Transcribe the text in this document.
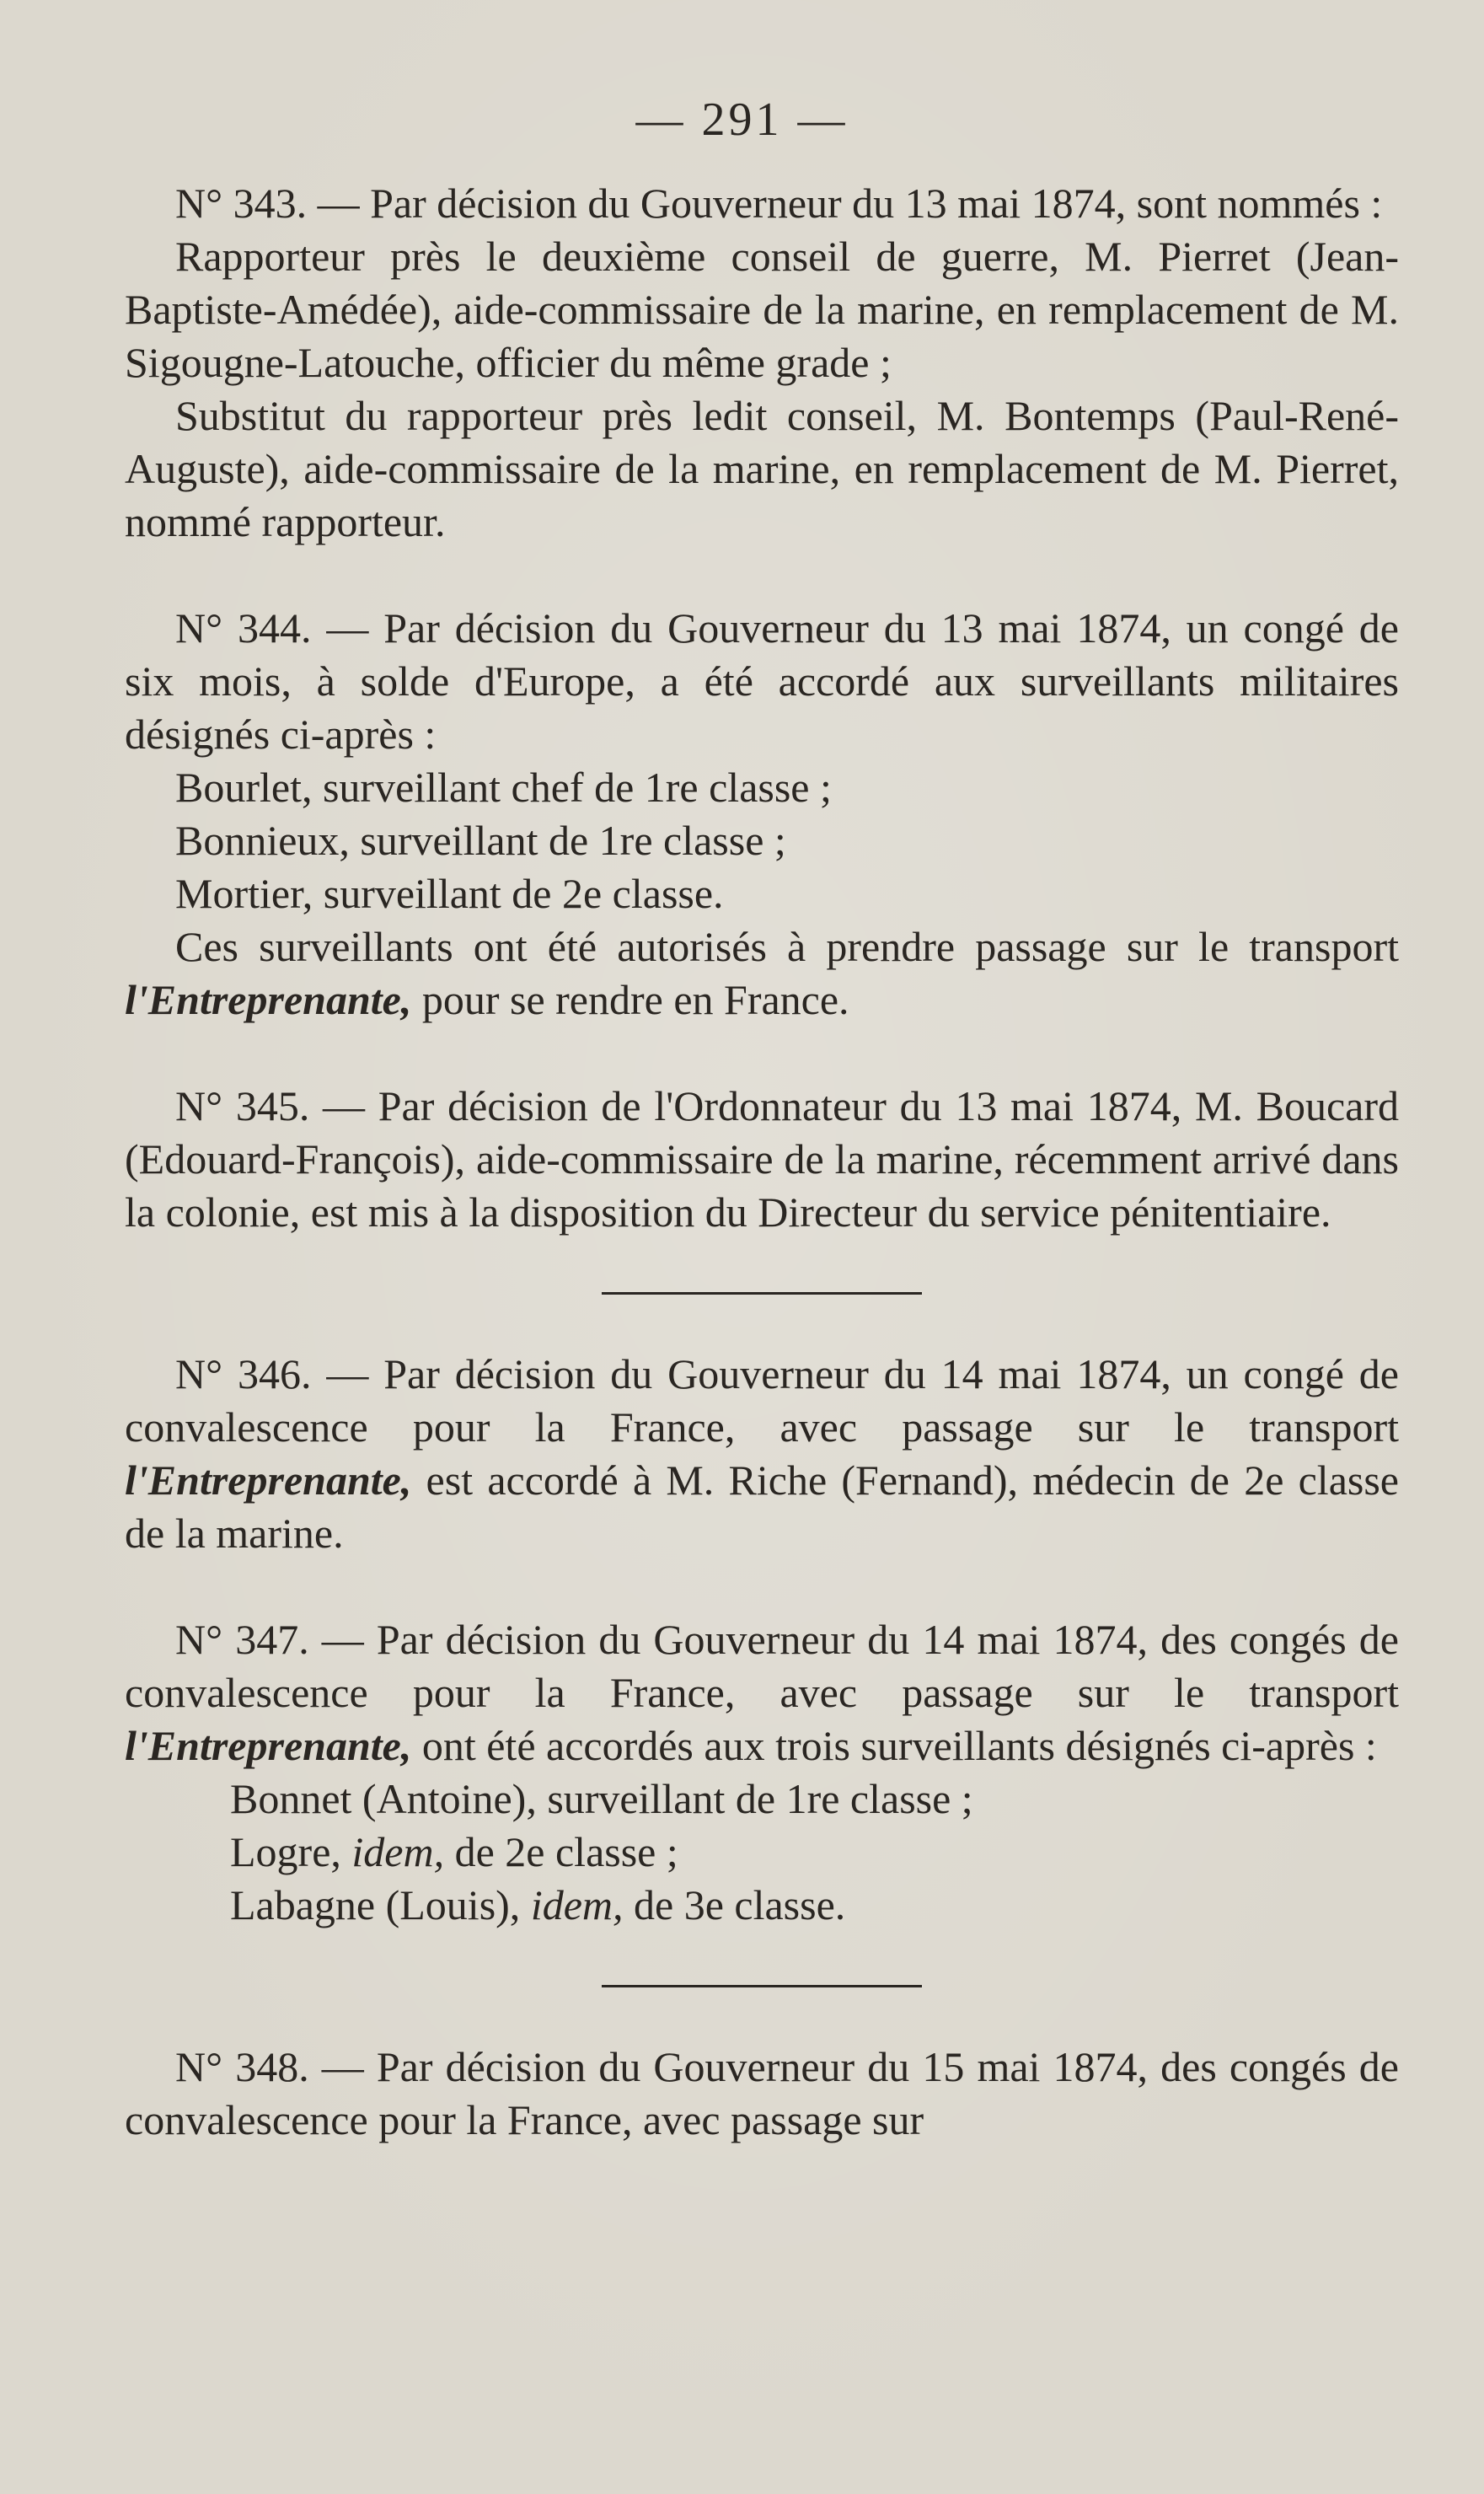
— 291 —

N° 343. — Par décision du Gouverneur du 13 mai 1874, sont nommés :

Rapporteur près le deuxième conseil de guerre, M. Pierret (Jean-Baptiste-Amédée), aide-commissaire de la marine, en remplacement de M. Sigougne-Latouche, officier du même grade ;

Substitut du rapporteur près ledit conseil, M. Bontemps (Paul-René-Auguste), aide-commissaire de la marine, en remplacement de M. Pierret, nommé rapporteur.

N° 344. — Par décision du Gouverneur du 13 mai 1874, un congé de six mois, à solde d'Europe, a été accordé aux surveillants militaires désignés ci-après :

Bourlet, surveillant chef de 1re classe ;

Bonnieux, surveillant de 1re classe ;

Mortier, surveillant de 2e classe.

Ces surveillants ont été autorisés à prendre passage sur le transport l'Entreprenante, pour se rendre en France.

N° 345. — Par décision de l'Ordonnateur du 13 mai 1874, M. Boucard (Edouard-François), aide-commissaire de la marine, récemment arrivé dans la colonie, est mis à la disposition du Directeur du service pénitentiaire.

N° 346. — Par décision du Gouverneur du 14 mai 1874, un congé de convalescence pour la France, avec passage sur le transport l'Entreprenante, est accordé à M. Riche (Fernand), médecin de 2e classe de la marine.

N° 347. — Par décision du Gouverneur du 14 mai 1874, des congés de convalescence pour la France, avec passage sur le transport l'Entreprenante, ont été accordés aux trois surveillants désignés ci-après :

Bonnet (Antoine), surveillant de 1re classe ;

Logre, idem, de 2e classe ;

Labagne (Louis), idem, de 3e classe.

N° 348. — Par décision du Gouverneur du 15 mai 1874, des congés de convalescence pour la France, avec passage sur
